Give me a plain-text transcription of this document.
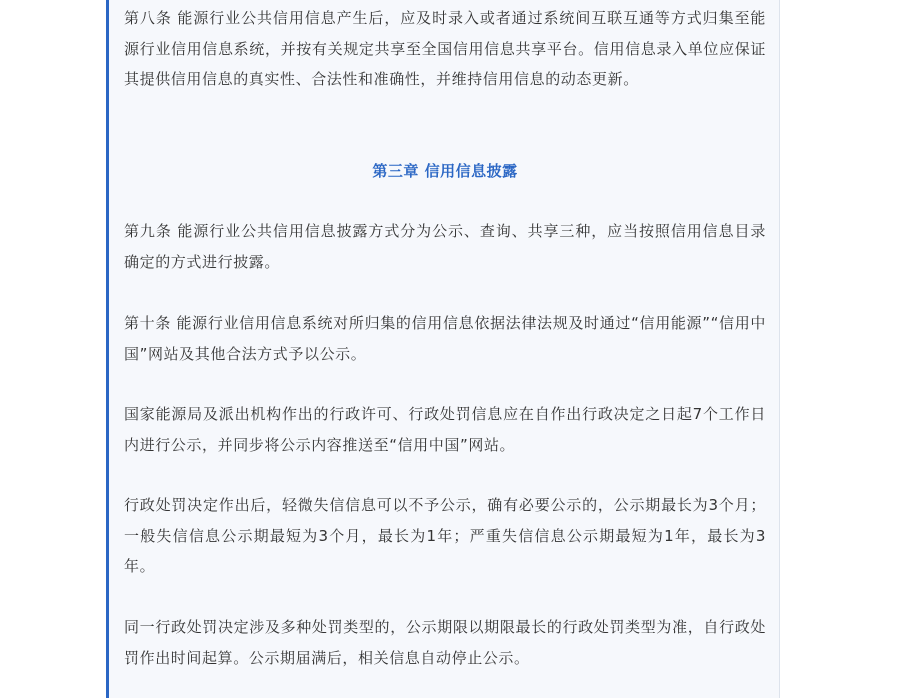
第八条 能源行业公共信用信息产生后，应及时录入或者通过系统间互联互通等方式归集至能源行业信用信息系统，并按有关规定共享至全国信用信息共享平台。信用信息录入单位应保证其提供信用信息的真实性、合法性和准确性，并维持信用信息的动态更新。

第三章 信用信息披露

第九条 能源行业公共信用信息披露方式分为公示、查询、共享三种，应当按照信用信息目录确定的方式进行披露。

第十条 能源行业信用信息系统对所归集的信用信息依据法律法规及时通过“信用能源”“信用中国”网站及其他合法方式予以公示。

国家能源局及派出机构作出的行政许可、行政处罚信息应在自作出行政决定之日起7个工作日内进行公示，并同步将公示内容推送至“信用中国”网站。

行政处罚决定作出后，轻微失信信息可以不予公示，确有必要公示的，公示期最长为3个月；一般失信信息公示期最短为3个月，最长为1年；严重失信信息公示期最短为1年，最长为3年。

同一行政处罚决定涉及多种处罚类型的，公示期限以期限最长的行政处罚类型为准，自行政处罚作出时间起算。公示期届满后，相关信息自动停止公示。
